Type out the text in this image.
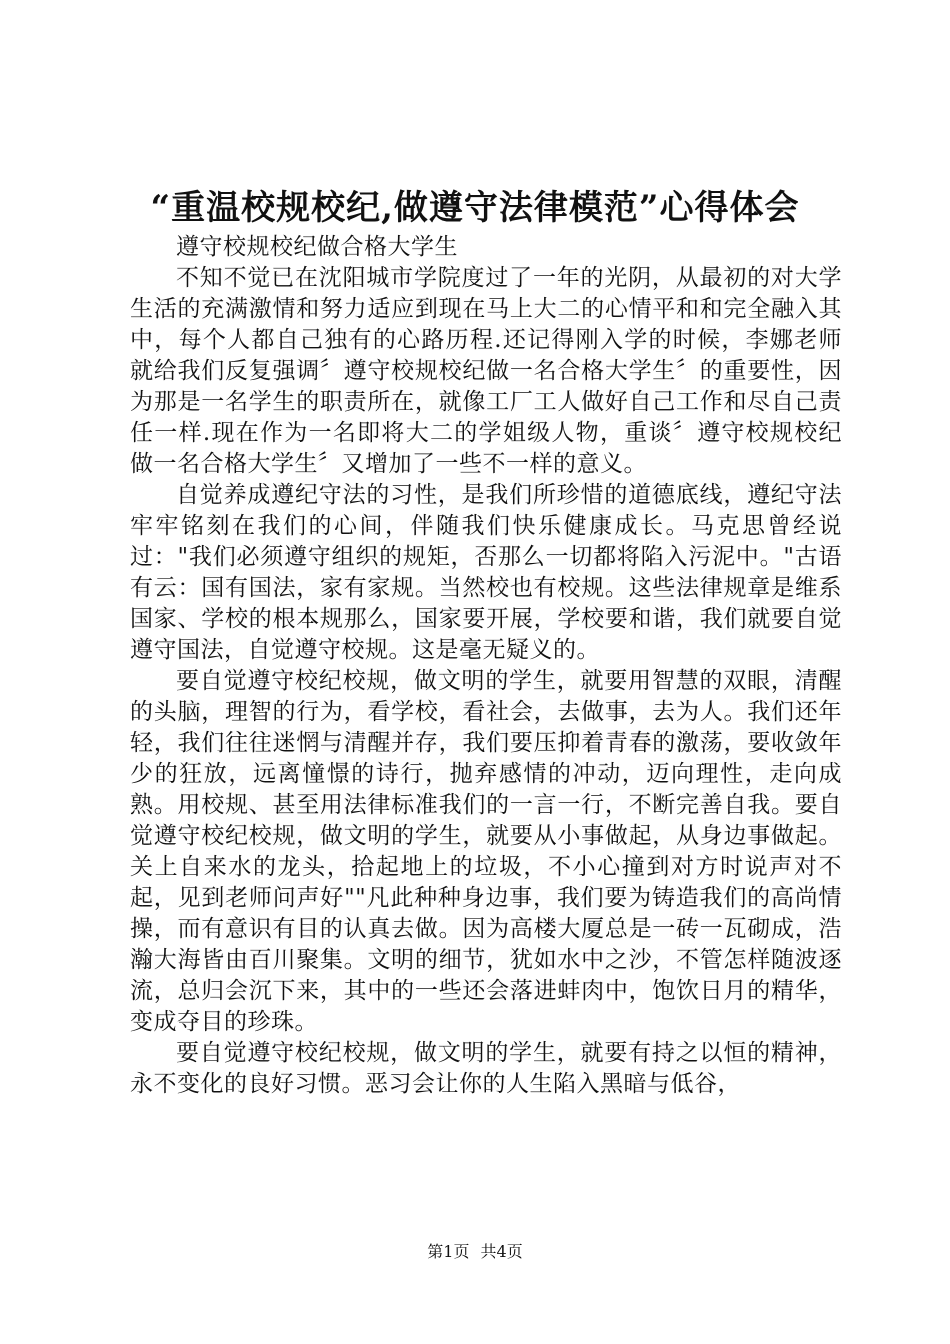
“重温校规校纪,做遵守法律模范”心得体会

遵守校规校纪做合格大学生

不知不觉已在沈阳城市学院度过了一年的光阴，从最初的对大学生活的充满激情和努力适应到现在马上大二的心情平和和完全融入其中，每个人都自己独有的心路历程.还记得刚入学的时候，李娜老师就给我们反复强调〞遵守校规校纪做一名合格大学生〞的重要性，因为那是一名学生的职责所在，就像工厂工人做好自己工作和尽自己责任一样.现在作为一名即将大二的学姐级人物，重谈〞遵守校规校纪做一名合格大学生〞又增加了一些不一样的意义。

自觉养成遵纪守法的习性，是我们所珍惜的道德底线，遵纪守法牢牢铭刻在我们的心间，伴随我们快乐健康成长。马克思曾经说过："我们必须遵守组织的规矩，否那么一切都将陷入污泥中。"古语有云：国有国法，家有家规。当然校也有校规。这些法律规章是维系国家、学校的根本规那么，国家要开展，学校要和谐，我们就要自觉遵守国法，自觉遵守校规。这是毫无疑义的。

要自觉遵守校纪校规，做文明的学生，就要用智慧的双眼，清醒的头脑，理智的行为，看学校，看社会，去做事，去为人。我们还年轻，我们往往迷惘与清醒并存，我们要压抑着青春的激荡，要收敛年少的狂放，远离憧憬的诗行，抛弃感情的冲动，迈向理性，走向成熟。用校规、甚至用法律标准我们的一言一行，不断完善自我。要自觉遵守校纪校规，做文明的学生，就要从小事做起，从身边事做起。关上自来水的龙头，拾起地上的垃圾，不小心撞到对方时说声对不起，见到老师问声好""凡此种种身边事，我们要为铸造我们的高尚情操，而有意识有目的认真去做。因为高楼大厦总是一砖一瓦砌成，浩瀚大海皆由百川聚集。文明的细节，犹如水中之沙，不管怎样随波逐流，总归会沉下来，其中的一些还会落进蚌肉中，饱饮日月的精华，变成夺目的珍珠。

要自觉遵守校纪校规，做文明的学生，就要有持之以恒的精神，永不变化的良好习惯。恶习会让你的人生陷入黑暗与低谷，

第1页 共4页
